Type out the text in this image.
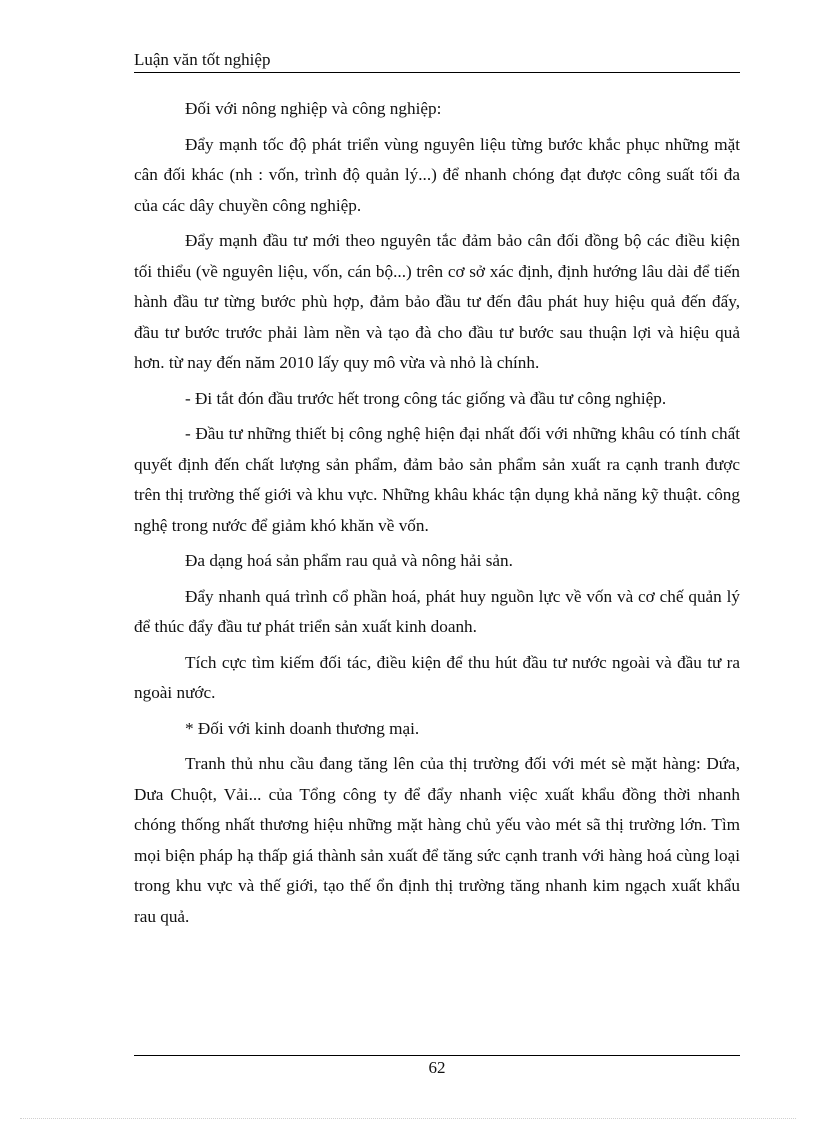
Luận văn tốt nghiệp

Đối với nông nghiệp và công nghiệp:

Đẩy mạnh tốc độ phát triển vùng nguyên liệu từng bước khắc phục những mặt cân đối khác (nh : vốn, trình độ quản lý...) để nhanh chóng đạt được công suất tối đa của các dây chuyền công nghiệp.

Đẩy mạnh đầu tư mới theo nguyên tắc đảm bảo cân đối đồng bộ các điều kiện tối thiểu (về nguyên liệu, vốn, cán bộ...) trên cơ sở xác định, định hướng lâu dài để tiến hành đầu tư từng bước phù hợp, đảm bảo đầu tư đến đâu phát huy hiệu quả đến đấy, đầu tư bước trước phải làm nền và tạo đà cho đầu tư bước sau thuận lợi và hiệu quả hơn. từ nay đến năm 2010 lấy quy mô vừa và nhỏ là chính.

- Đi tắt đón đầu trước hết trong công tác giống và đầu tư công nghiệp.

- Đầu tư những thiết bị công nghệ hiện đại nhất đối với những khâu có tính chất quyết định đến chất lượng sản phẩm, đảm bảo sản phẩm sản xuất ra cạnh tranh được trên thị trường thế giới và khu vực. Những khâu khác tận dụng khả năng kỹ thuật. công nghệ trong nước để giảm khó khăn về vốn.

Đa dạng hoá sản phẩm rau quả và nông hải sản.

Đẩy nhanh quá trình cổ phần hoá, phát huy nguồn lực về vốn và cơ chế quản lý để thúc đẩy đầu tư phát triển sản xuất kinh doanh.

Tích cực tìm kiếm đối tác, điều kiện để thu hút đầu tư nước ngoài và đầu tư ra ngoài nước.

* Đối với kinh doanh thương mại.

Tranh thủ nhu cầu đang tăng lên của thị trường đối với mét sè mặt hàng: Dứa, Dưa Chuột, Vải... của Tổng công ty để đẩy nhanh việc xuất khẩu đồng thời nhanh chóng thống nhất thương hiệu những mặt hàng chủ yếu vào mét sã thị trường lớn. Tìm mọi biện pháp hạ thấp giá thành sản xuất để tăng sức cạnh tranh với hàng hoá cùng loại trong khu vực và thế giới, tạo thế ổn định thị trường tăng nhanh kim ngạch xuất khẩu rau quả.

62
